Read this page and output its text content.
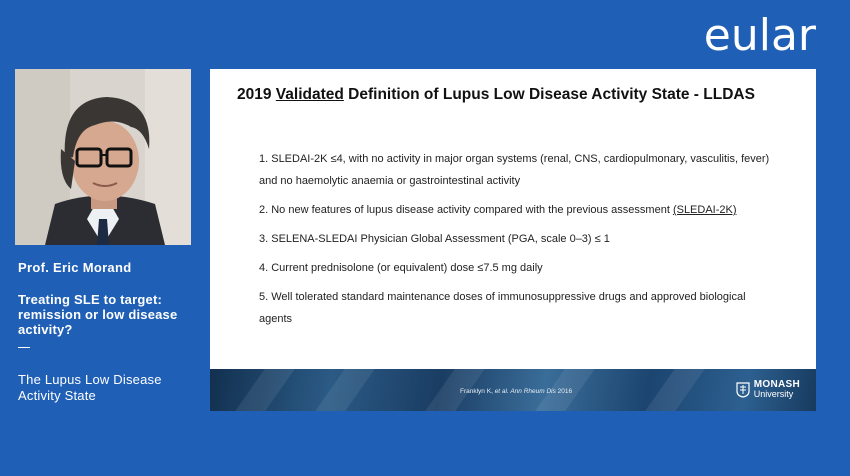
eular
Prof. Eric Morand
Treating SLE to target: remission or low disease activity?
The Lupus Low Disease Activity State
2019 Validated Definition of Lupus Low Disease Activity State - LLDAS
1. SLEDAI-2K ≤4, with no activity in major organ systems (renal, CNS, cardiopulmonary, vasculitis, fever) and no haemolytic anaemia or gastrointestinal activity
2. No new features of lupus disease activity compared with the previous assessment (SLEDAI-2K)
3. SELENA-SLEDAI Physician Global Assessment (PGA, scale 0–3) ≤ 1
4. Current prednisolone (or equivalent) dose ≤7.5 mg daily
5. Well tolerated standard maintenance doses of immunosuppressive drugs and approved biological agents
Franklyn K, et al. Ann Rheum Dis 2016
MONASH
University
